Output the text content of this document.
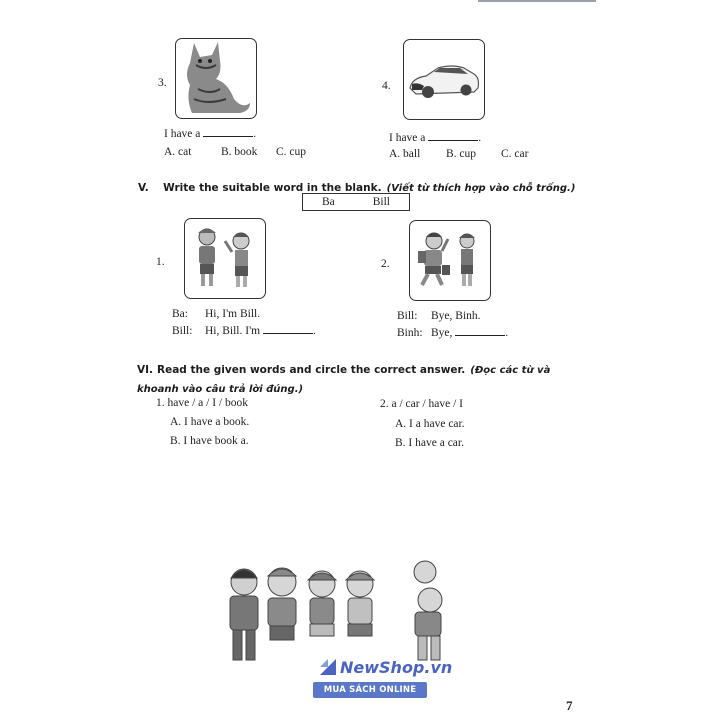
3.
I have a	.
A. cat	B. book C. cup
4.
I have a	.
A. ball B. cup C. car
V. Write the suitable word in the blank. (Viết từ thích hợp vào chỗ trống.)
Ba	Bill
1.
Ba: Hi, I'm Bill.
Bill: Hi, Bill. I'm	.
2.
Bill: Bye, Binh.
Binh: Bye,	.
VI. Read the given words and circle the correct answer. (Đọc các từ và khoanh vào câu trả lời đúng.)
1. have / a / I / book
A. I have a book.
B. I have book a.
2. a / car / have / I
A. I a have car.
B. I have a car.
NewShop.vn
MUA SÁCH ONLINE
7
